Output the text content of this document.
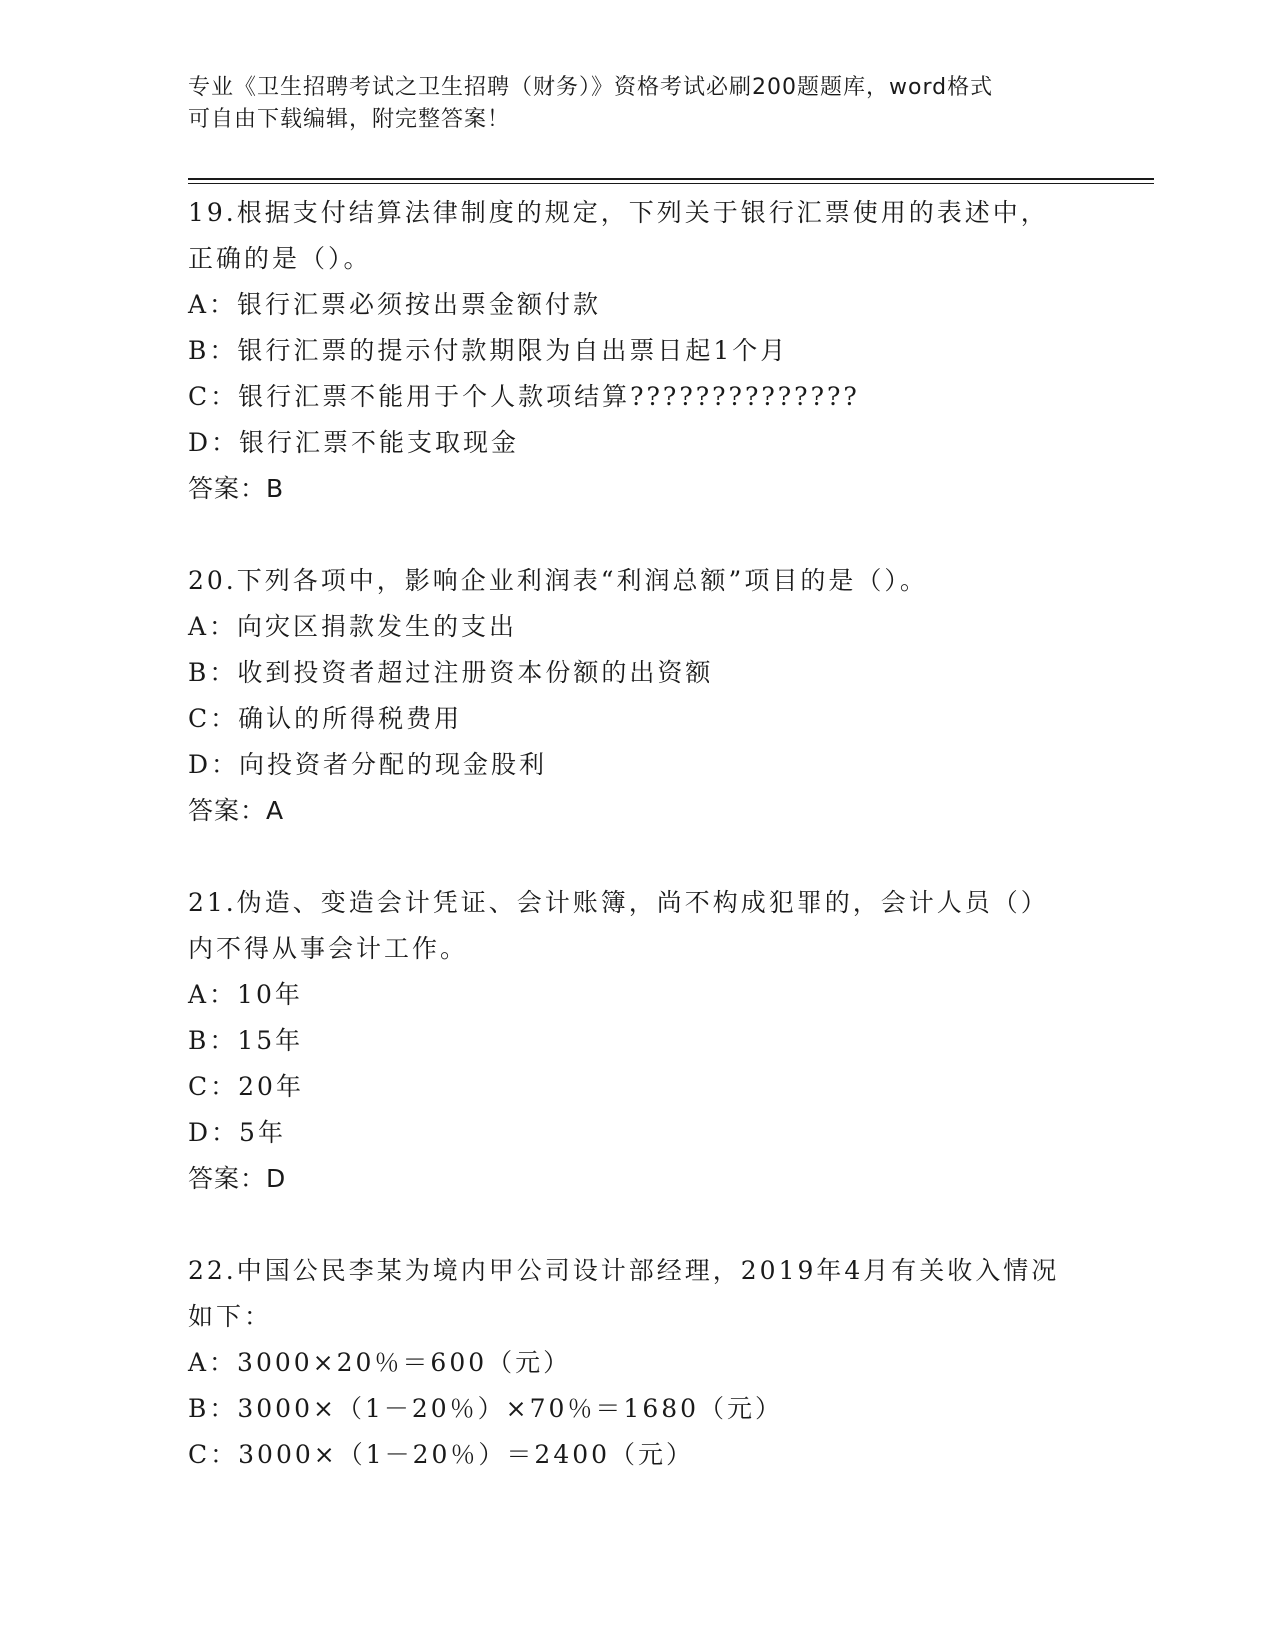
专业《卫生招聘考试之卫生招聘（财务）》资格考试必刷200题题库，word格式
可自由下载编辑，附完整答案！
19.根据支付结算法律制度的规定，下列关于银行汇票使用的表述中，
正确的是（）。
A：银行汇票必须按出票金额付款
B：银行汇票的提示付款期限为自出票日起1个月
C：银行汇票不能用于个人款项结算??????????????
D：银行汇票不能支取现金
答案：B
20.下列各项中，影响企业利润表“利润总额”项目的是（）。
A：向灾区捐款发生的支出
B：收到投资者超过注册资本份额的出资额
C：确认的所得税费用
D：向投资者分配的现金股利
答案：A
21.伪造、变造会计凭证、会计账簿，尚不构成犯罪的，会计人员（）
内不得从事会计工作。
A：10年
B：15年
C：20年
D：5年
答案：D
22.中国公民李某为境内甲公司设计部经理，2019年4月有关收入情况
如下：
A：3000×20％＝600（元）
B：3000×（1－20％）×70％＝1680（元）
C：3000×（1－20％）＝2400（元）
